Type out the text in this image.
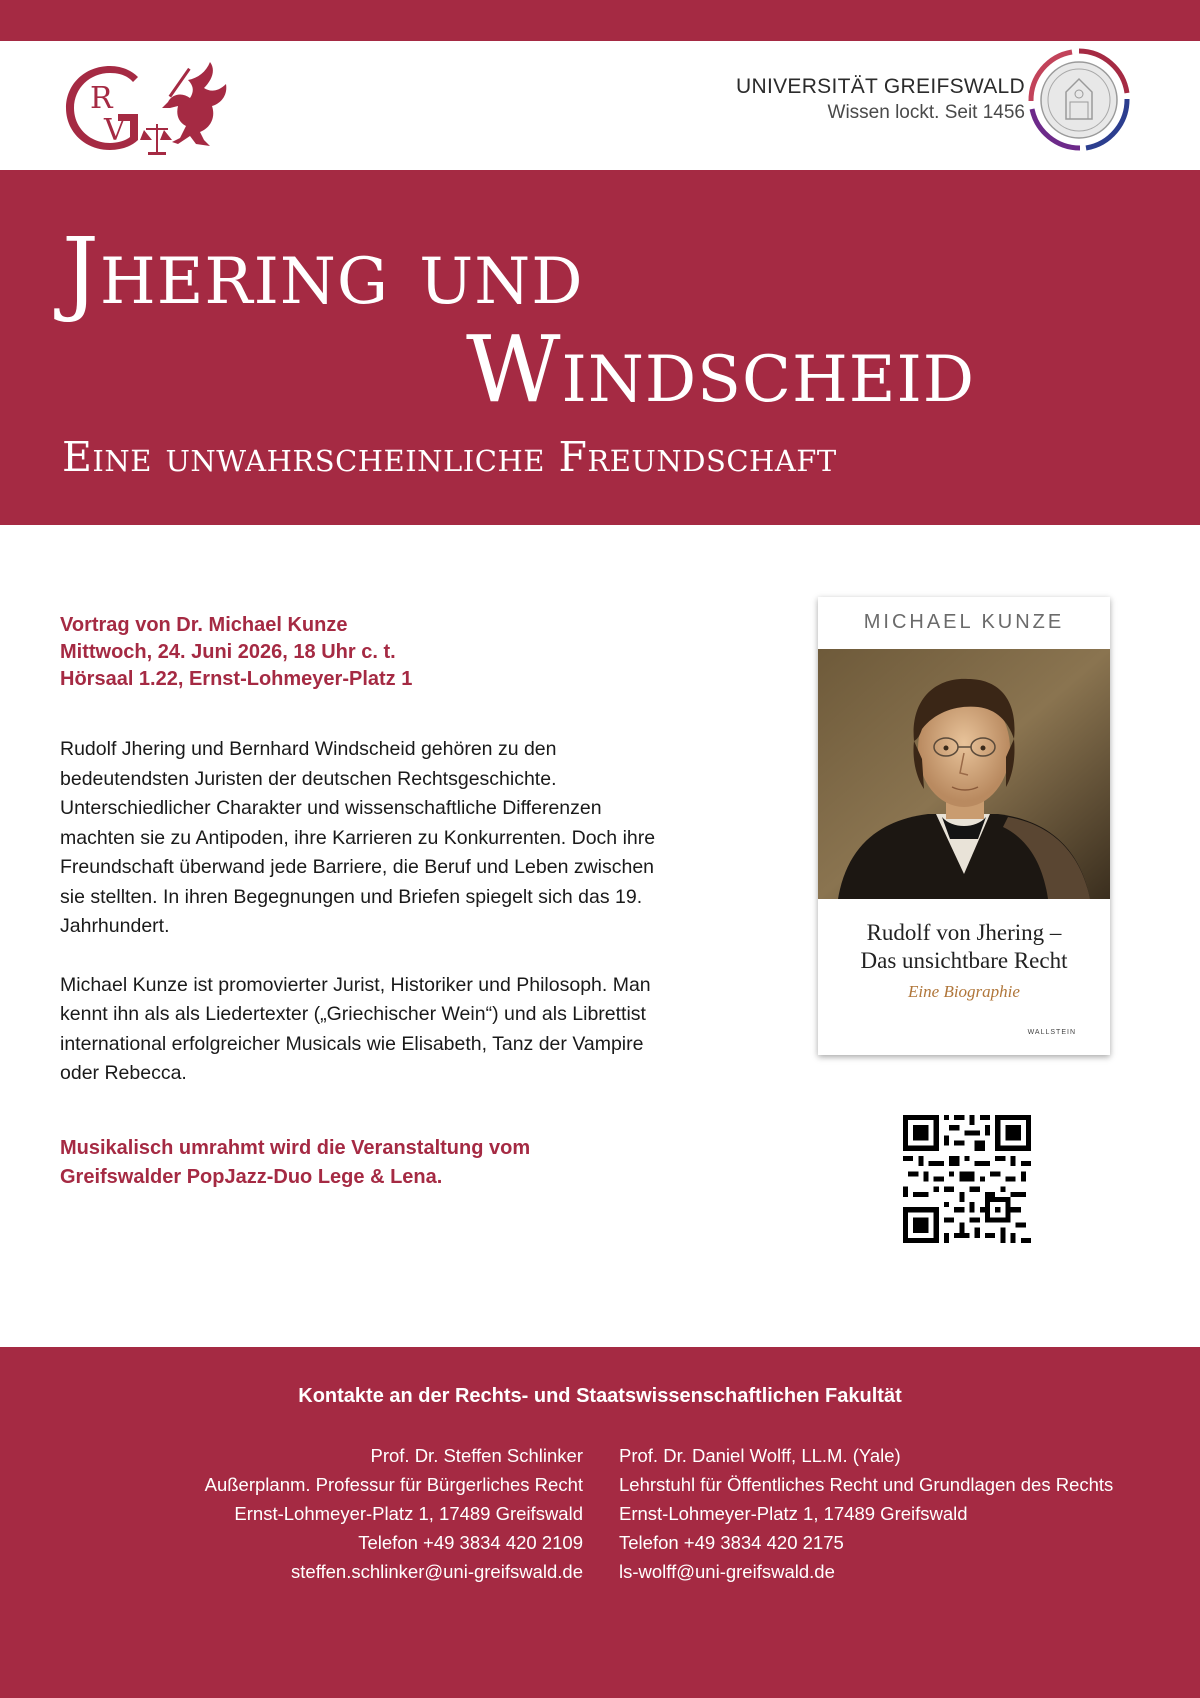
R
V
UNIVERSITÄT GREIFSWALD
Wissen lockt. Seit 1456
Jhering und
Windscheid
Eine unwahrscheinliche Freundschaft
Vortrag von Dr. Michael Kunze
Mittwoch, 24. Juni 2026, 18 Uhr c. t.
Hörsaal 1.22, Ernst-Lohmeyer-Platz 1

Rudolf Jhering und Bernhard Windscheid gehören zu den bedeutendsten Juristen der deutschen Rechtsgeschichte. Unterschiedlicher Charakter und wissenschaftliche Differenzen machten sie zu Antipoden, ihre Karrieren zu Konkurrenten. Doch ihre Freundschaft überwand jede Barriere, die Beruf und Leben zwischen sie stellten. In ihren Begegnungen und Briefen spiegelt sich das 19. Jahrhundert.

Michael Kunze ist promovierter Jurist, Historiker und Philosoph. Man kennt ihn als als Liedertexter („Griechischer Wein“) und als Librettist international erfolgreicher Musicals wie Elisabeth, Tanz der Vampire oder Rebecca.

Musikalisch umrahmt wird die Veranstaltung vom
Greifswalder PopJazz-Duo Lege & Lena.
MICHAEL KUNZE
Rudolf von Jhering –
Das unsichtbare Recht
Eine Biographie
WALLSTEIN
Kontakte an der Rechts- und Staatswissenschaftlichen Fakultät
Prof. Dr. Steffen Schlinker
Außerplanm. Professur für Bürgerliches Recht
Ernst-Lohmeyer-Platz 1, 17489 Greifswald
Telefon +49 3834 420 2109
steffen.schlinker@uni-greifswald.de
Prof. Dr. Daniel Wolff, LL.M. (Yale)
Lehrstuhl für Öffentliches Recht und Grundlagen des Rechts
Ernst-Lohmeyer-Platz 1, 17489 Greifswald
Telefon +49 3834 420 2175
ls-wolff@uni-greifswald.de
